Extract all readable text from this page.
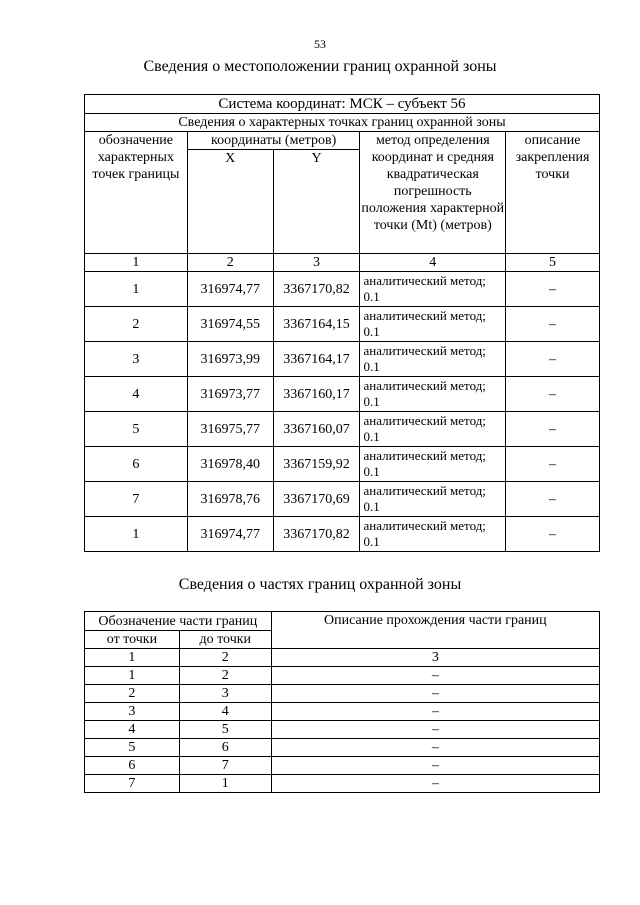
53
Сведения о местоположении границ охранной зоны
Система координат: МСК – субъект 56				
Сведения о характерных точках границ охранной зоны				
обозначение характерных точек границы	координаты (метров)		метод определения координат и средняя квадратическая погрешность положения характерной точки (Mt) (метров)	описание закрепления точки
	X	Y		
1	2	3	4	5
1	316974,77	3367170,82	аналитический метод; 0.1	–
2	316974,55	3367164,15	аналитический метод; 0.1	–
3	316973,99	3367164,17	аналитический метод; 0.1	–
4	316973,77	3367160,17	аналитический метод; 0.1	–
5	316975,77	3367160,07	аналитический метод; 0.1	–
6	316978,40	3367159,92	аналитический метод; 0.1	–
7	316978,76	3367170,69	аналитический метод; 0.1	–
1	316974,77	3367170,82	аналитический метод; 0.1	–
Сведения о частях границ охранной зоны
Обозначение части границ		Описание прохождения части границ
от точки	до точки	
1	2	3
1	2	–
2	3	–
3	4	–
4	5	–
5	6	–
6	7	–
7	1	–
